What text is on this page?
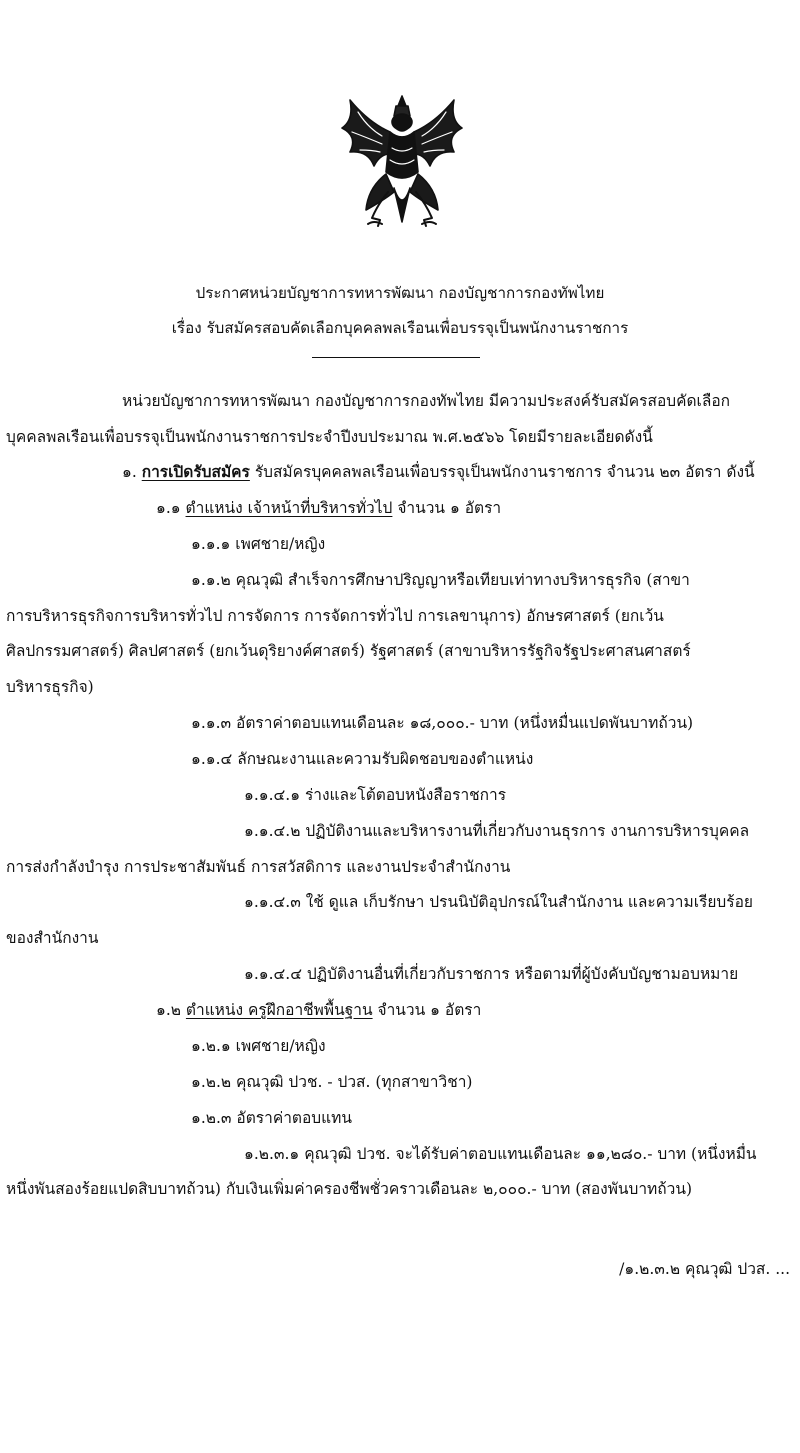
ประกาศหน่วยบัญชาการทหารพัฒนา กองบัญชาการกองทัพไทย
เรื่อง รับสมัครสอบคัดเลือกบุคคลพลเรือนเพื่อบรรจุเป็นพนักงานราชการ
หน่วยบัญชาการทหารพัฒนา กองบัญชาการกองทัพไทย มีความประสงค์รับสมัครสอบคัดเลือก
บุคคลพลเรือนเพื่อบรรจุเป็นพนักงานราชการประจำปีงบประมาณ พ.ศ.๒๕๖๖ โดยมีรายละเอียดดังนี้
๑. การเปิดรับสมัคร รับสมัครบุคคลพลเรือนเพื่อบรรจุเป็นพนักงานราชการ จำนวน ๒๓ อัตรา ดังนี้
๑.๑ ตำแหน่ง เจ้าหน้าที่บริหารทั่วไป จำนวน ๑ อัตรา
๑.๑.๑ เพศชาย/หญิง
๑.๑.๒ คุณวุฒิ สำเร็จการศึกษาปริญญาหรือเทียบเท่าทางบริหารธุรกิจ (สาขา
การบริหารธุรกิจการบริหารทั่วไป การจัดการ การจัดการทั่วไป การเลขานุการ) อักษรศาสตร์ (ยกเว้น
ศิลปกรรมศาสตร์) ศิลปศาสตร์ (ยกเว้นดุริยางค์ศาสตร์) รัฐศาสตร์ (สาขาบริหารรัฐกิจรัฐประศาสนศาสตร์
บริหารธุรกิจ)
๑.๑.๓ อัตราค่าตอบแทนเดือนละ ๑๘,๐๐๐.- บาท (หนึ่งหมื่นแปดพันบาทถ้วน)
๑.๑.๔ ลักษณะงานและความรับผิดชอบของตำแหน่ง
๑.๑.๔.๑ ร่างและโต้ตอบหนังสือราชการ
๑.๑.๔.๒ ปฏิบัติงานและบริหารงานที่เกี่ยวกับงานธุรการ งานการบริหารบุคคล
การส่งกำลังบำรุง การประชาสัมพันธ์ การสวัสดิการ และงานประจำสำนักงาน
๑.๑.๔.๓ ใช้ ดูแล เก็บรักษา ปรนนิบัติอุปกรณ์ในสำนักงาน และความเรียบร้อย
ของสำนักงาน
๑.๑.๔.๔ ปฏิบัติงานอื่นที่เกี่ยวกับราชการ หรือตามที่ผู้บังคับบัญชามอบหมาย
๑.๒ ตำแหน่ง ครูฝึกอาชีพพื้นฐาน จำนวน ๑ อัตรา
๑.๒.๑ เพศชาย/หญิง
๑.๒.๒ คุณวุฒิ ปวช. - ปวส. (ทุกสาขาวิชา)
๑.๒.๓ อัตราค่าตอบแทน
๑.๒.๓.๑ คุณวุฒิ ปวช. จะได้รับค่าตอบแทนเดือนละ ๑๑,๒๘๐.- บาท (หนึ่งหมื่น
หนึ่งพันสองร้อยแปดสิบบาทถ้วน) กับเงินเพิ่มค่าครองชีพชั่วคราวเดือนละ ๒,๐๐๐.- บาท (สองพันบาทถ้วน)
/๑.๒.๓.๒ คุณวุฒิ ปวส. ...
